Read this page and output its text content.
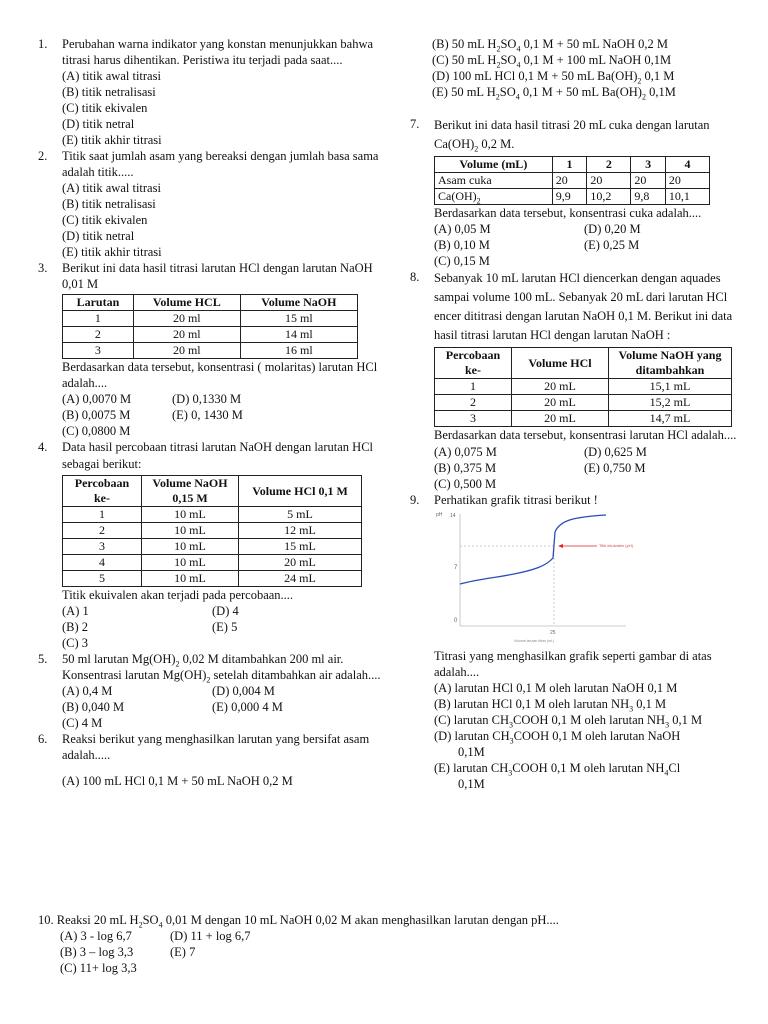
1. Perubahan warna indikator yang konstan menunjukkan bahwa titrasi harus dihentikan. Peristiwa itu terjadi pada saat....
(A) titik awal titrasi
(B) titik netralisasi
(C) titik ekivalen
(D) titik netral
(E) titik akhir titrasi
2. Titik saat jumlah asam yang bereaksi dengan jumlah basa sama adalah titik.....
(A) titik awal titrasi
(B) titik netralisasi
(C) titik ekivalen
(D) titik netral
(E) titik akhir titrasi
3. Berikut ini data hasil titrasi larutan HCl dengan larutan NaOH 0,01 M
Larutan	Volume HCL	Volume NaOH
1	20 ml	15 ml
2	20 ml	14 ml
3	20 ml	16 ml
Berdasarkan data tersebut, konsentrasi ( molaritas) larutan HCl adalah....
(A) 0,0070 M	(D) 0,1330 M
(B) 0,0075 M	(E) 0, 1430 M
(C) 0,0800 M
4. Data hasil percobaan titrasi larutan NaOH dengan larutan HCl sebagai berikut:
Percobaan ke-	Volume NaOH 0,15 M	Volume HCl 0,1 M
1	10 mL	5 mL
2	10 mL	12 mL
3	10 mL	15 mL
4	10 mL	20 mL
5	10 mL	24 mL
Titik ekuivalen akan terjadi pada percobaan....
(A) 1	(D) 4
(B) 2	(E) 5
(C) 3
5. 50 ml larutan $Mg(OH)_2$ 0,02 M ditambahkan 200 ml air. Konsentrasi larutan $Mg(OH)_2$ setelah ditambahkan air adalah....
(A) 0,4 M	(D) 0,004 M
(B) 0,040 M	(E) 0,000 4 M
(C) 4 M
6. Reaksi berikut yang menghasilkan larutan yang bersifat asam adalah.....
(A) 100 mL HCl 0,1 M + 50 mL NaOH 0,2 M
(B) 50 mL $H_2SO_4$ 0,1 M + 50 mL NaOH 0,2 M
(C) 50 mL $H_2SO_4$ 0,1 M + 100 mL NaOH 0,1M
(D) 100 mL HCl 0,1 M + 50 mL $Ba(OH)_2$ 0,1 M
(E) 50 mL $H_2SO_4$ 0,1 M + 50 mL $Ba(OH)_2$ 0,1M
7. Berikut ini data hasil titrasi 20 mL cuka dengan larutan $Ca(OH)_2$ 0,2 M.
Volume (mL)	1	2	3	4
Asam cuka	20	20	20	20
$Ca(OH)_2$	9,9	10,2	9,8	10,1
Berdasarkan data tersebut, konsentrasi cuka adalah....
(A) 0,05 M	(D) 0,20 M
(B) 0,10 M	(E) 0,25 M
(C) 0,15 M
8. Sebanyak 10 mL larutan HCl diencerkan dengan aquades sampai volume 100 mL. Sebanyak 20 mL dari larutan HCl encer dititrasi dengan larutan NaOH 0,1 M. Berikut ini data hasil titrasi larutan HCl dengan larutan NaOH :
Percobaan ke-	Volume HCl	Volume NaOH yang ditambahkan
1	20 mL	15,1 mL
2	20 mL	15,2 mL
3	20 mL	14,7 mL
Berdasarkan data tersebut, konsentrasi larutan HCl adalah....
(A) 0,075 M	(D) 0,625 M
(B) 0,375 M	(E) 0,750 M
(C) 0,500 M
9. Perhatikan grafik titrasi berikut !
pH 14
7
0
Titik ekuivalen (pH)
25
Volume larutan titran (mL)
Titrasi yang menghasilkan grafik seperti gambar di atas adalah....
(A) larutan HCl 0,1 M oleh larutan NaOH 0,1 M
(B) larutan HCl 0,1 M oleh larutan $NH_3$ 0,1 M
(C) larutan $CH_3COOH$ 0,1 M oleh larutan $NH_3$ 0,1 M
(D) larutan $CH_3COOH$ 0,1 M oleh larutan NaOH
0,1M
(E) larutan $CH_3COOH$ 0,1 M oleh larutan $NH_4Cl$
0,1M
10. Reaksi 20 mL $H_2SO_4$ 0,01 M dengan 10 mL NaOH 0,02 M akan menghasilkan larutan dengan pH....
(A) 3 - log 6,7	(D) 11 + log 6,7
(B) 3 – log 3,3	(E) 7
(C) 11+ log 3,3
